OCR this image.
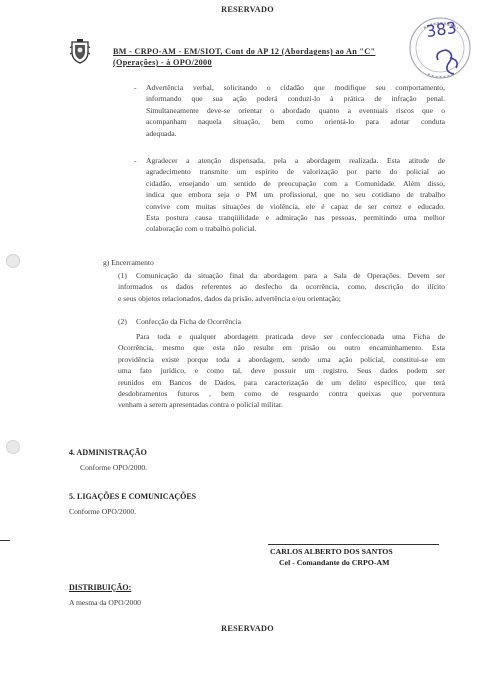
RESERVADO
BM - CRPO-AM - EM/SIOT, Cont do AP 12 (Abordagens) ao An "C"
(Operações) - à OPO/2000
383
- Advertência verbal, solicitando o cidadão que modifique seu comportamento,
informando que sua ação poderá conduzi-lo à prática de infração penal.
Simultaneamente deve-se orientar o abordado quanto a eventuais riscos que o
acompanham naquela situação, bem como orientá-lo para adotar conduta
adequada.
- Agradecer a atenção dispensada, pela a abordagem realizada. Esta atitude de
agradecimento transmite um espírito de valorização por parte do policial ao
cidadão, ensejando um sentido de preocupação com a Comunidade. Além disso,
indica que embora seja o PM um profissional, que no seu cotidiano de trabalho
convive com muitas situações de violência, ele é capaz de ser cortez e educado.
Esta postura causa tranqüilidade e admiração nas pessoas, permitindo uma melhor
colaboração com o trabalho policial.
g) Encerramento
(1) Comunicação da situação final da abordagem para a Sala de Operações. Devem ser
informados os dados referentes ao desfecho da ocorrência, como, descrição do ilícito
e seus objetos relacionados, dados da prisão, advertência e/ou orientação;
(2) Confecção da Ficha de Ocorrência
Para toda e qualquer abordagem praticada deve ser confeccionada uma Ficha de
Ocorrência, mesmo que esta não resulte em prisão ou outro encaminhamento. Esta
providência existe porque toda a abordagem, sendo uma ação policial, constitui-se em
uma fato jurídico, e como tal, deve possuir um registro. Seus dados podem ser
reunidos em Bancos de Dados, para caracterização de um delito específico, que terá
desdobramentos futuros , bem como de resguardo contra queixas que porventura
venham a serem apresentadas contra o policial militar.
4. ADMINISTRAÇÃO
Conforme OPO/2000.
5. LIGAÇÕES E COMUNICAÇÕES
Conforme OPO/2000.
CARLOS ALBERTO DOS SANTOS
Cel - Comandante do CRPO-AM
DISTRIBUIÇÃO:
A mesma da OPO/2000
RESERVADO
